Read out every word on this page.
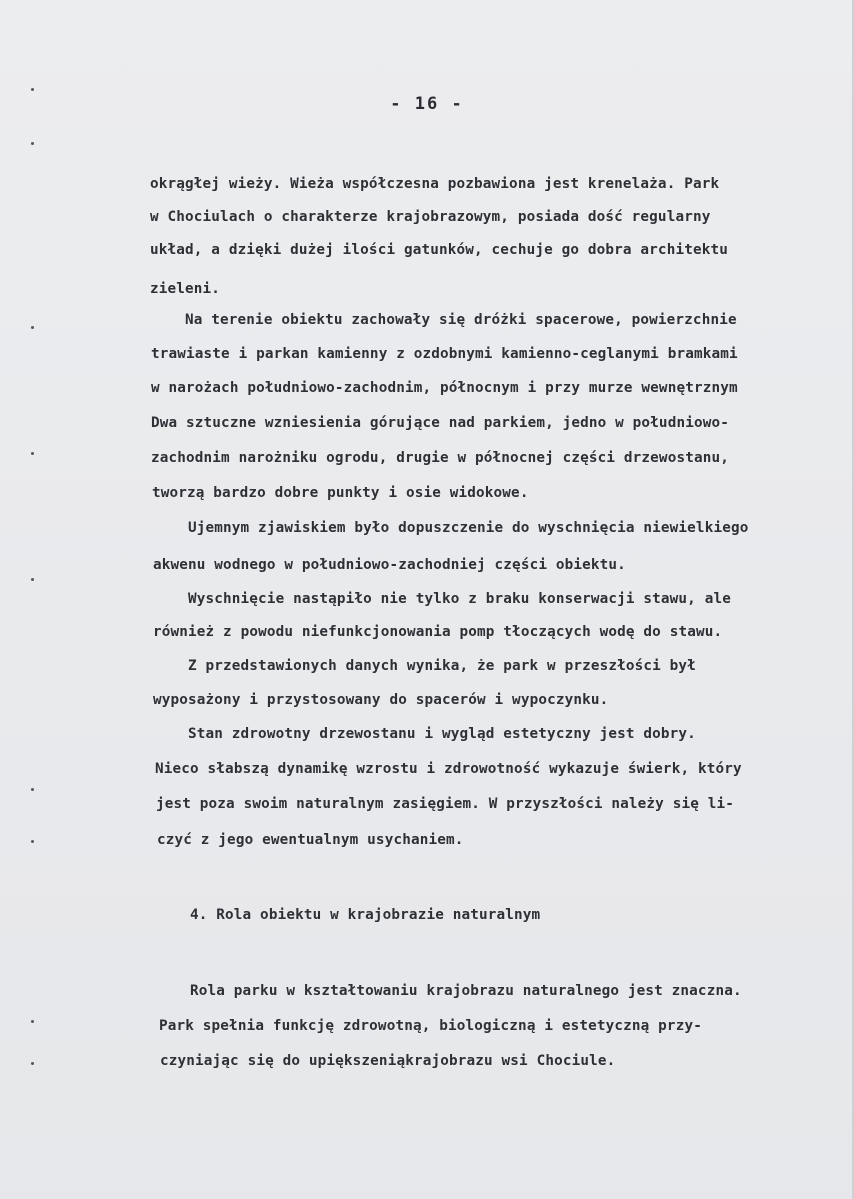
- 16 -
okrągłej wieży. Wieża współczesna pozbawiona jest krenelaża. Park
w Chociulach o charakterze krajobrazowym, posiada dość regularny
układ, a dzięki dużej ilości gatunków, cechuje go dobra architektu
zieleni.
Na terenie obiektu zachowały się dróżki spacerowe, powierzchnie
trawiaste i parkan kamienny z ozdobnymi kamienno-ceglanymi bramkami
w narożach południowo-zachodnim, północnym i przy murze wewnętrznym
Dwa sztuczne wzniesienia górujące nad parkiem, jedno w południowo-
zachodnim narożniku ogrodu, drugie w północnej części drzewostanu,
tworzą bardzo dobre punkty i osie widokowe.
Ujemnym zjawiskiem było dopuszczenie do wyschnięcia niewielkiego
akwenu wodnego w południowo-zachodniej części obiektu.
Wyschnięcie nastąpiło nie tylko z braku konserwacji stawu, ale
również z powodu niefunkcjonowania pomp tłoczących wodę do stawu.
Z przedstawionych danych wynika, że park w przeszłości był
wyposażony i przystosowany do spacerów i wypoczynku.
Stan zdrowotny drzewostanu i wygląd estetyczny jest dobry.
Nieco słabszą dynamikę wzrostu i zdrowotność wykazuje świerk, który
jest poza swoim naturalnym zasięgiem. W przyszłości należy się li-
czyć z jego ewentualnym usychaniem.
4. Rola obiektu w krajobrazie naturalnym
Rola parku w kształtowaniu krajobrazu naturalnego jest znaczna.
Park spełnia funkcję zdrowotną, biologiczną i estetyczną przy-
czyniając się do upiększeniąkrajobrazu wsi Chociule.
